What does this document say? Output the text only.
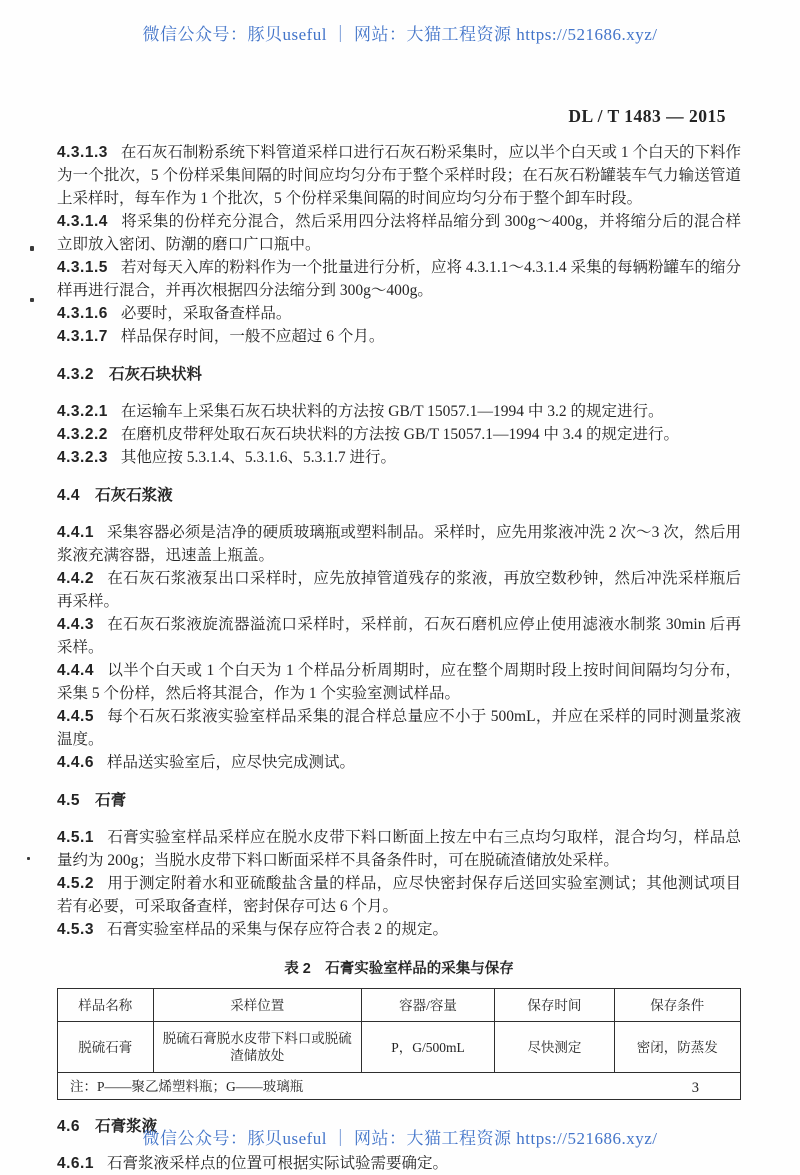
微信公众号：豚贝useful ｜ 网站：大猫工程资源 https://521686.xyz/
DL / T 1483 — 2015

4.3.1.3 在石灰石制粉系统下料管道采样口进行石灰石粉采集时，应以半个白天或 1 个白天的下料作为一个批次，5 个份样采集间隔的时间应均匀分布于整个采样时段；在石灰石粉罐装车气力输送管道上采样时，每车作为 1 个批次，5 个份样采集间隔的时间应均匀分布于整个卸车时段。

4.3.1.4 将采集的份样充分混合，然后采用四分法将样品缩分到 300g～400g，并将缩分后的混合样立即放入密闭、防潮的磨口广口瓶中。

4.3.1.5 若对每天入库的粉料作为一个批量进行分析，应将 4.3.1.1～4.3.1.4 采集的每辆粉罐车的缩分样再进行混合，并再次根据四分法缩分到 300g～400g。

4.3.1.6 必要时，采取备查样品。

4.3.1.7 样品保存时间，一般不应超过 6 个月。

4.3.2 石灰石块状料

4.3.2.1 在运输车上采集石灰石块状料的方法按 GB/T 15057.1—1994 中 3.2 的规定进行。

4.3.2.2 在磨机皮带秤处取石灰石块状料的方法按 GB/T 15057.1—1994 中 3.4 的规定进行。

4.3.2.3 其他应按 5.3.1.4、5.3.1.6、5.3.1.7 进行。

4.4 石灰石浆液

4.4.1 采集容器必须是洁净的硬质玻璃瓶或塑料制品。采样时，应先用浆液冲洗 2 次～3 次，然后用浆液充满容器，迅速盖上瓶盖。

4.4.2 在石灰石浆液泵出口采样时，应先放掉管道残存的浆液，再放空数秒钟，然后冲洗采样瓶后再采样。

4.4.3 在石灰石浆液旋流器溢流口采样时，采样前，石灰石磨机应停止使用滤液水制浆 30min 后再采样。

4.4.4 以半个白天或 1 个白天为 1 个样品分析周期时，应在整个周期时段上按时间间隔均匀分布，采集 5 个份样，然后将其混合，作为 1 个实验室测试样品。

4.4.5 每个石灰石浆液实验室样品采集的混合样总量应不小于 500mL，并应在采样的同时测量浆液温度。

4.4.6 样品送实验室后，应尽快完成测试。

4.5 石膏

4.5.1 石膏实验室样品采样应在脱水皮带下料口断面上按左中右三点均匀取样，混合均匀，样品总量约为 200g；当脱水皮带下料口断面采样不具备条件时，可在脱硫渣储放处采样。

4.5.2 用于测定附着水和亚硫酸盐含量的样品，应尽快密封保存后送回实验室测试；其他测试项目若有必要，可采取备查样，密封保存可达 6 个月。

4.5.3 石膏实验室样品的采集与保存应符合表 2 的规定。

表 2　石膏实验室样品的采集与保存
样品名称	采样位置	容器/容量	保存时间	保存条件
脱硫石膏	脱硫石膏脱水皮带下料口或脱硫渣储放处	P，G/500mL	尽快测定	密闭，防蒸发
注：P——聚乙烯塑料瓶；G——玻璃瓶				
4.6 石膏浆液

4.6.1 石膏浆液采样点的位置可根据实际试验需要确定。

3
微信公众号：豚贝useful ｜ 网站：大猫工程资源 https://521686.xyz/
